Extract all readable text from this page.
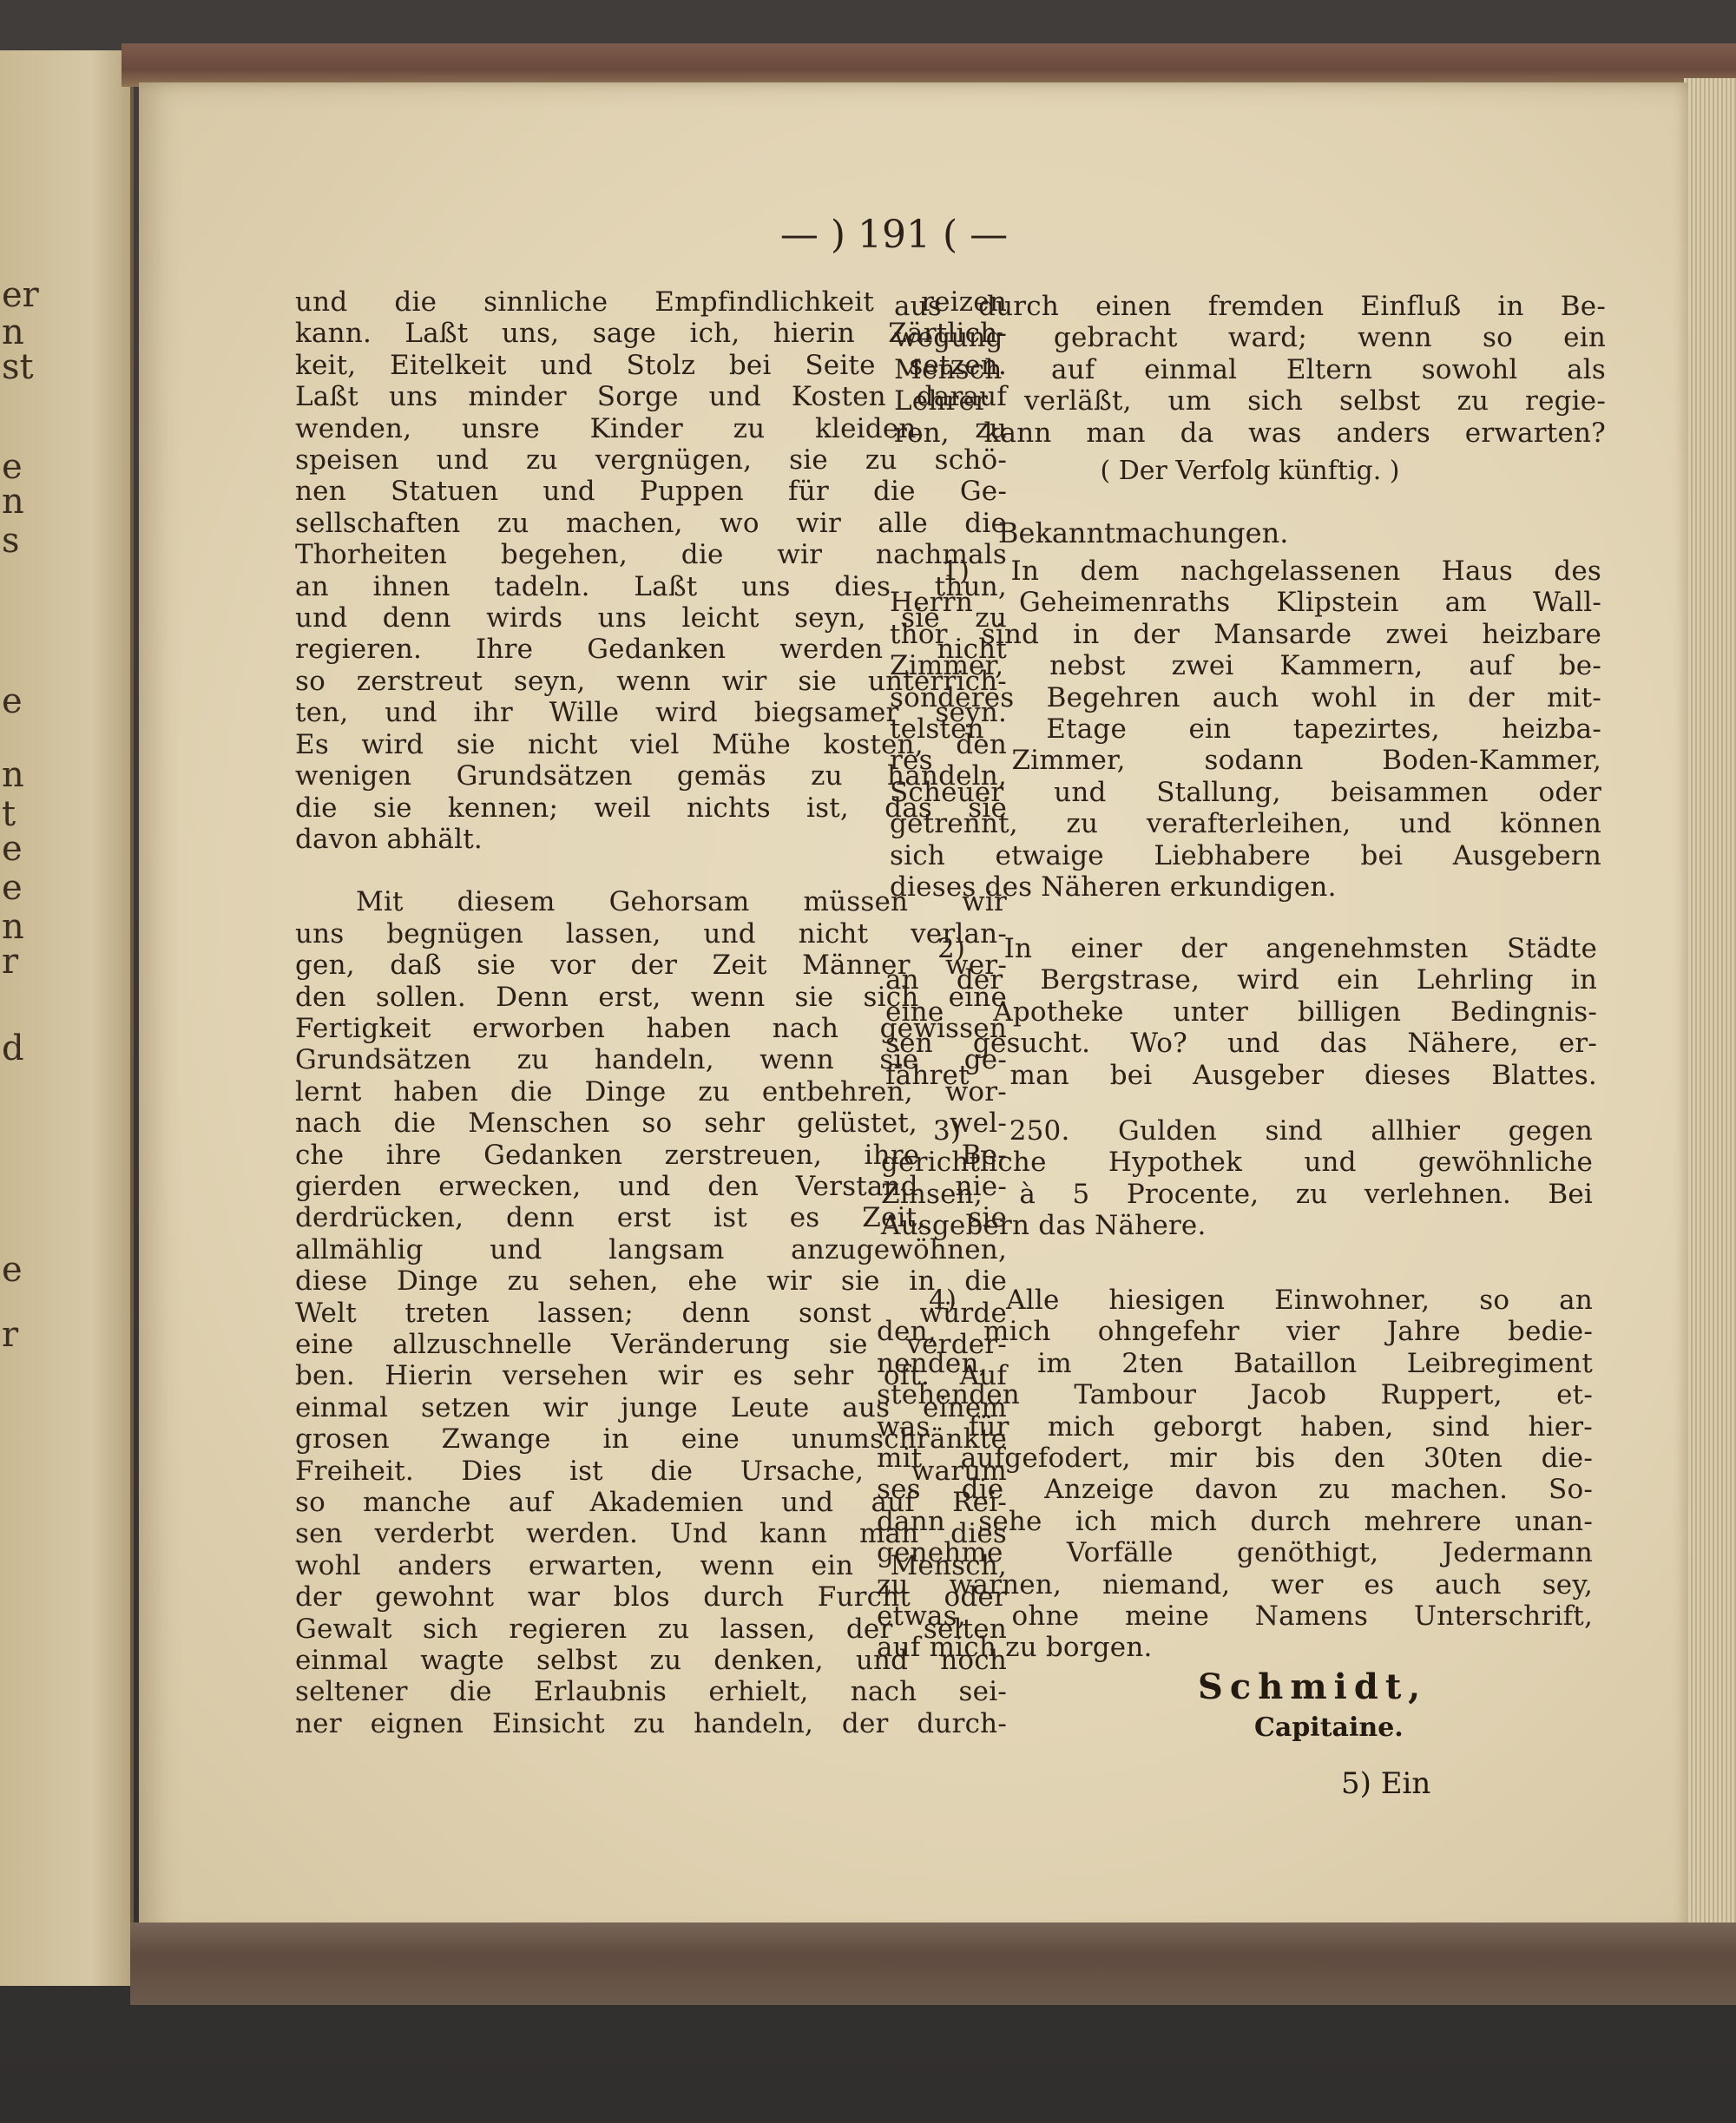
er
n
st
e
n
s
e
n
t
e
e
n
r
d
e
r
— ) 191 ( —
und die sinnliche Empfindlichkeit reizen
kann. Laßt uns, sage ich, hierin Zärtlich-
keit, Eitelkeit und Stolz bei Seite setzen.
Laßt uns minder Sorge und Kosten darauf
wenden, unsre Kinder zu kleiden, zu
speisen und zu vergnügen, sie zu schö-
nen Statuen und Puppen für die Ge-
sellschaften zu machen, wo wir alle die
Thorheiten begehen, die wir nachmals
an ihnen tadeln. Laßt uns dies thun,
und denn wirds uns leicht seyn, sie zu
regieren. Ihre Gedanken werden nicht
so zerstreut seyn, wenn wir sie unterrich-
ten, und ihr Wille wird biegsamer seyn.
Es wird sie nicht viel Mühe kosten, den
wenigen Grundsätzen gemäs zu handeln,
die sie kennen; weil nichts ist, das sie
davon abhält.
Mit diesem Gehorsam müssen wir
uns begnügen lassen, und nicht verlan-
gen, daß sie vor der Zeit Männer wer-
den sollen. Denn erst, wenn sie sich eine
Fertigkeit erworben haben nach gewissen
Grundsätzen zu handeln, wenn sie ge-
lernt haben die Dinge zu entbehren, wor-
nach die Menschen so sehr gelüstet, wel-
che ihre Gedanken zerstreuen, ihre Be-
gierden erwecken, und den Verstand nie-
derdrücken, denn erst ist es Zeit, sie
allmählig und langsam anzugewöhnen,
diese Dinge zu sehen, ehe wir sie in die
Welt treten lassen; denn sonst würde
eine allzuschnelle Veränderung sie verder-
ben. Hierin versehen wir es sehr oft. Auf
einmal setzen wir junge Leute aus einem
grosen Zwange in eine unumschränkte
Freiheit. Dies ist die Ursache, warum
so manche auf Akademien und auf Rei-
sen verderbt werden. Und kann man dies
wohl anders erwarten, wenn ein Mensch,
der gewohnt war blos durch Furcht oder
Gewalt sich regieren zu lassen, der selten
einmal wagte selbst zu denken, und noch
seltener die Erlaubnis erhielt, nach sei-
ner eignen Einsicht zu handeln, der durch-
aus durch einen fremden Einfluß in Be-
wegung gebracht ward; wenn so ein
Mensch auf einmal Eltern sowohl als
Lehrer verläßt, um sich selbst zu regie-
ren, kann man da was anders erwarten?
( Der Verfolg künftig. )
Bekanntmachungen.
1) In dem nachgelassenen Haus des
Herrn Geheimenraths Klipstein am Wall-
thor sind in der Mansarde zwei heizbare
Zimmer, nebst zwei Kammern, auf be-
sonderes Begehren auch wohl in der mit-
telsten Etage ein tapezirtes, heizba-
res Zimmer, sodann Boden-Kammer,
Scheuer und Stallung, beisammen oder
getrennt, zu verafterleihen, und können
sich etwaige Liebhabere bei Ausgebern
dieses des Näheren erkundigen.
2) In einer der angenehmsten Städte
an der Bergstrase, wird ein Lehrling in
eine Apotheke unter billigen Bedingnis-
sen gesucht. Wo? und das Nähere, er-
fähret man bei Ausgeber dieses Blattes.
3) 250. Gulden sind allhier gegen
gerichtliche Hypothek und gewöhnliche
Zinsen, à 5 Procente, zu verlehnen. Bei
Ausgebern das Nähere.
4) Alle hiesigen Einwohner, so an
den, mich ohngefehr vier Jahre bedie-
nenden, im 2ten Bataillon Leibregiment
stehenden Tambour Jacob Ruppert, et-
was für mich geborgt haben, sind hier-
mit aufgefodert, mir bis den 30ten die-
ses die Anzeige davon zu machen. So-
dann sehe ich mich durch mehrere unan-
genehme Vorfälle genöthigt, Jedermann
zu warnen, niemand, wer es auch sey,
etwas, ohne meine Namens Unterschrift,
auf mich zu borgen.
Schmidt,
Capitaine.
5) Ein
